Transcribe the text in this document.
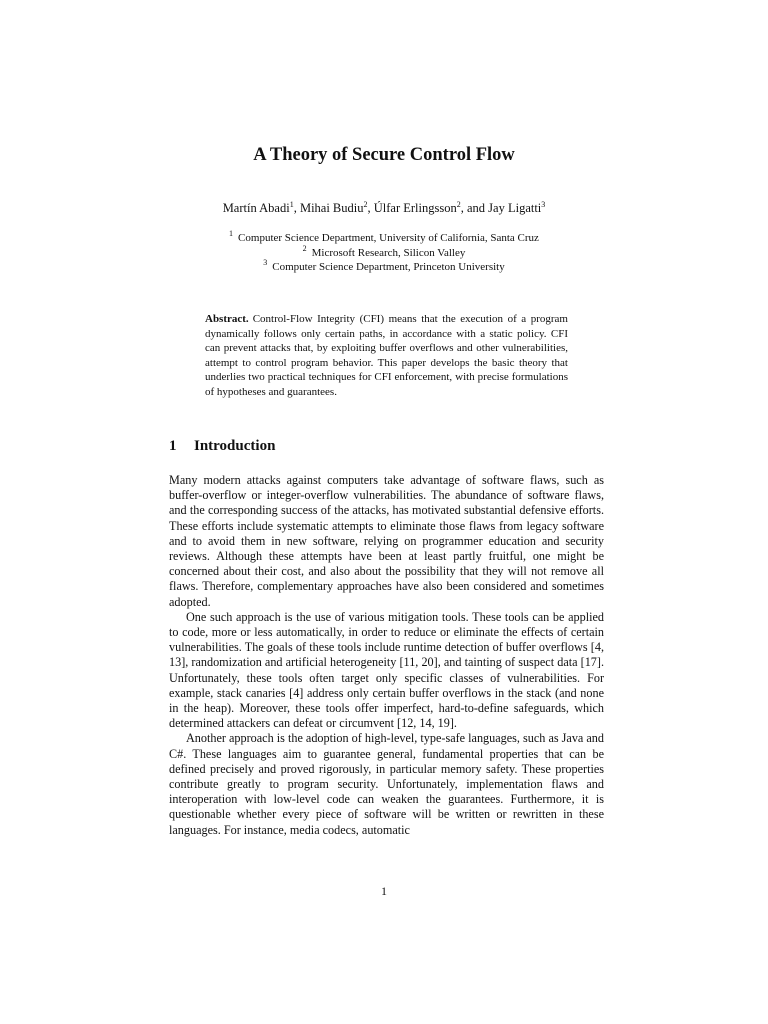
A Theory of Secure Control Flow
Martín Abadi$^1$, Mihai Budiu$^2$, Úlfar Erlingsson$^2$, and Jay Ligatti$^3$
$^1$ Computer Science Department, University of California, Santa Cruz
$^2$ Microsoft Research, Silicon Valley
$^3$ Computer Science Department, Princeton University
Abstract. Control-Flow Integrity (CFI) means that the execution of a program dynamically follows only certain paths, in accordance with a static policy. CFI can prevent attacks that, by exploiting buffer overflows and other vulnerabilities, attempt to control program behavior. This paper develops the basic theory that underlies two practical techniques for CFI enforcement, with precise formulations of hypotheses and guarantees.
1 Introduction

Many modern attacks against computers take advantage of software flaws, such as buffer-overflow or integer-overflow vulnerabilities. The abundance of software flaws, and the corresponding success of the attacks, has motivated substantial defensive efforts. These efforts include systematic attempts to eliminate those flaws from legacy software and to avoid them in new software, relying on programmer education and security reviews. Although these attempts have been at least partly fruitful, one might be concerned about their cost, and also about the possibility that they will not remove all flaws. Therefore, complementary approaches have also been considered and sometimes adopted.

One such approach is the use of various mitigation tools. These tools can be applied to code, more or less automatically, in order to reduce or eliminate the effects of certain vulnerabilities. The goals of these tools include runtime detection of buffer overflows [4, 13], randomization and artificial heterogeneity [11, 20], and tainting of suspect data [17]. Unfortunately, these tools often target only specific classes of vulnerabilities. For example, stack canaries [4] address only certain buffer overflows in the stack (and none in the heap). Moreover, these tools offer imperfect, hard-to-define safeguards, which determined attackers can defeat or circumvent [12, 14, 19].

Another approach is the adoption of high-level, type-safe languages, such as Java and C#. These languages aim to guarantee general, fundamental properties that can be defined precisely and proved rigorously, in particular memory safety. These properties contribute greatly to program security. Unfortunately, implementation flaws and interoperation with low-level code can weaken the guarantees. Furthermore, it is questionable whether every piece of software will be written or rewritten in these languages. For instance, media codecs, automatic

1
